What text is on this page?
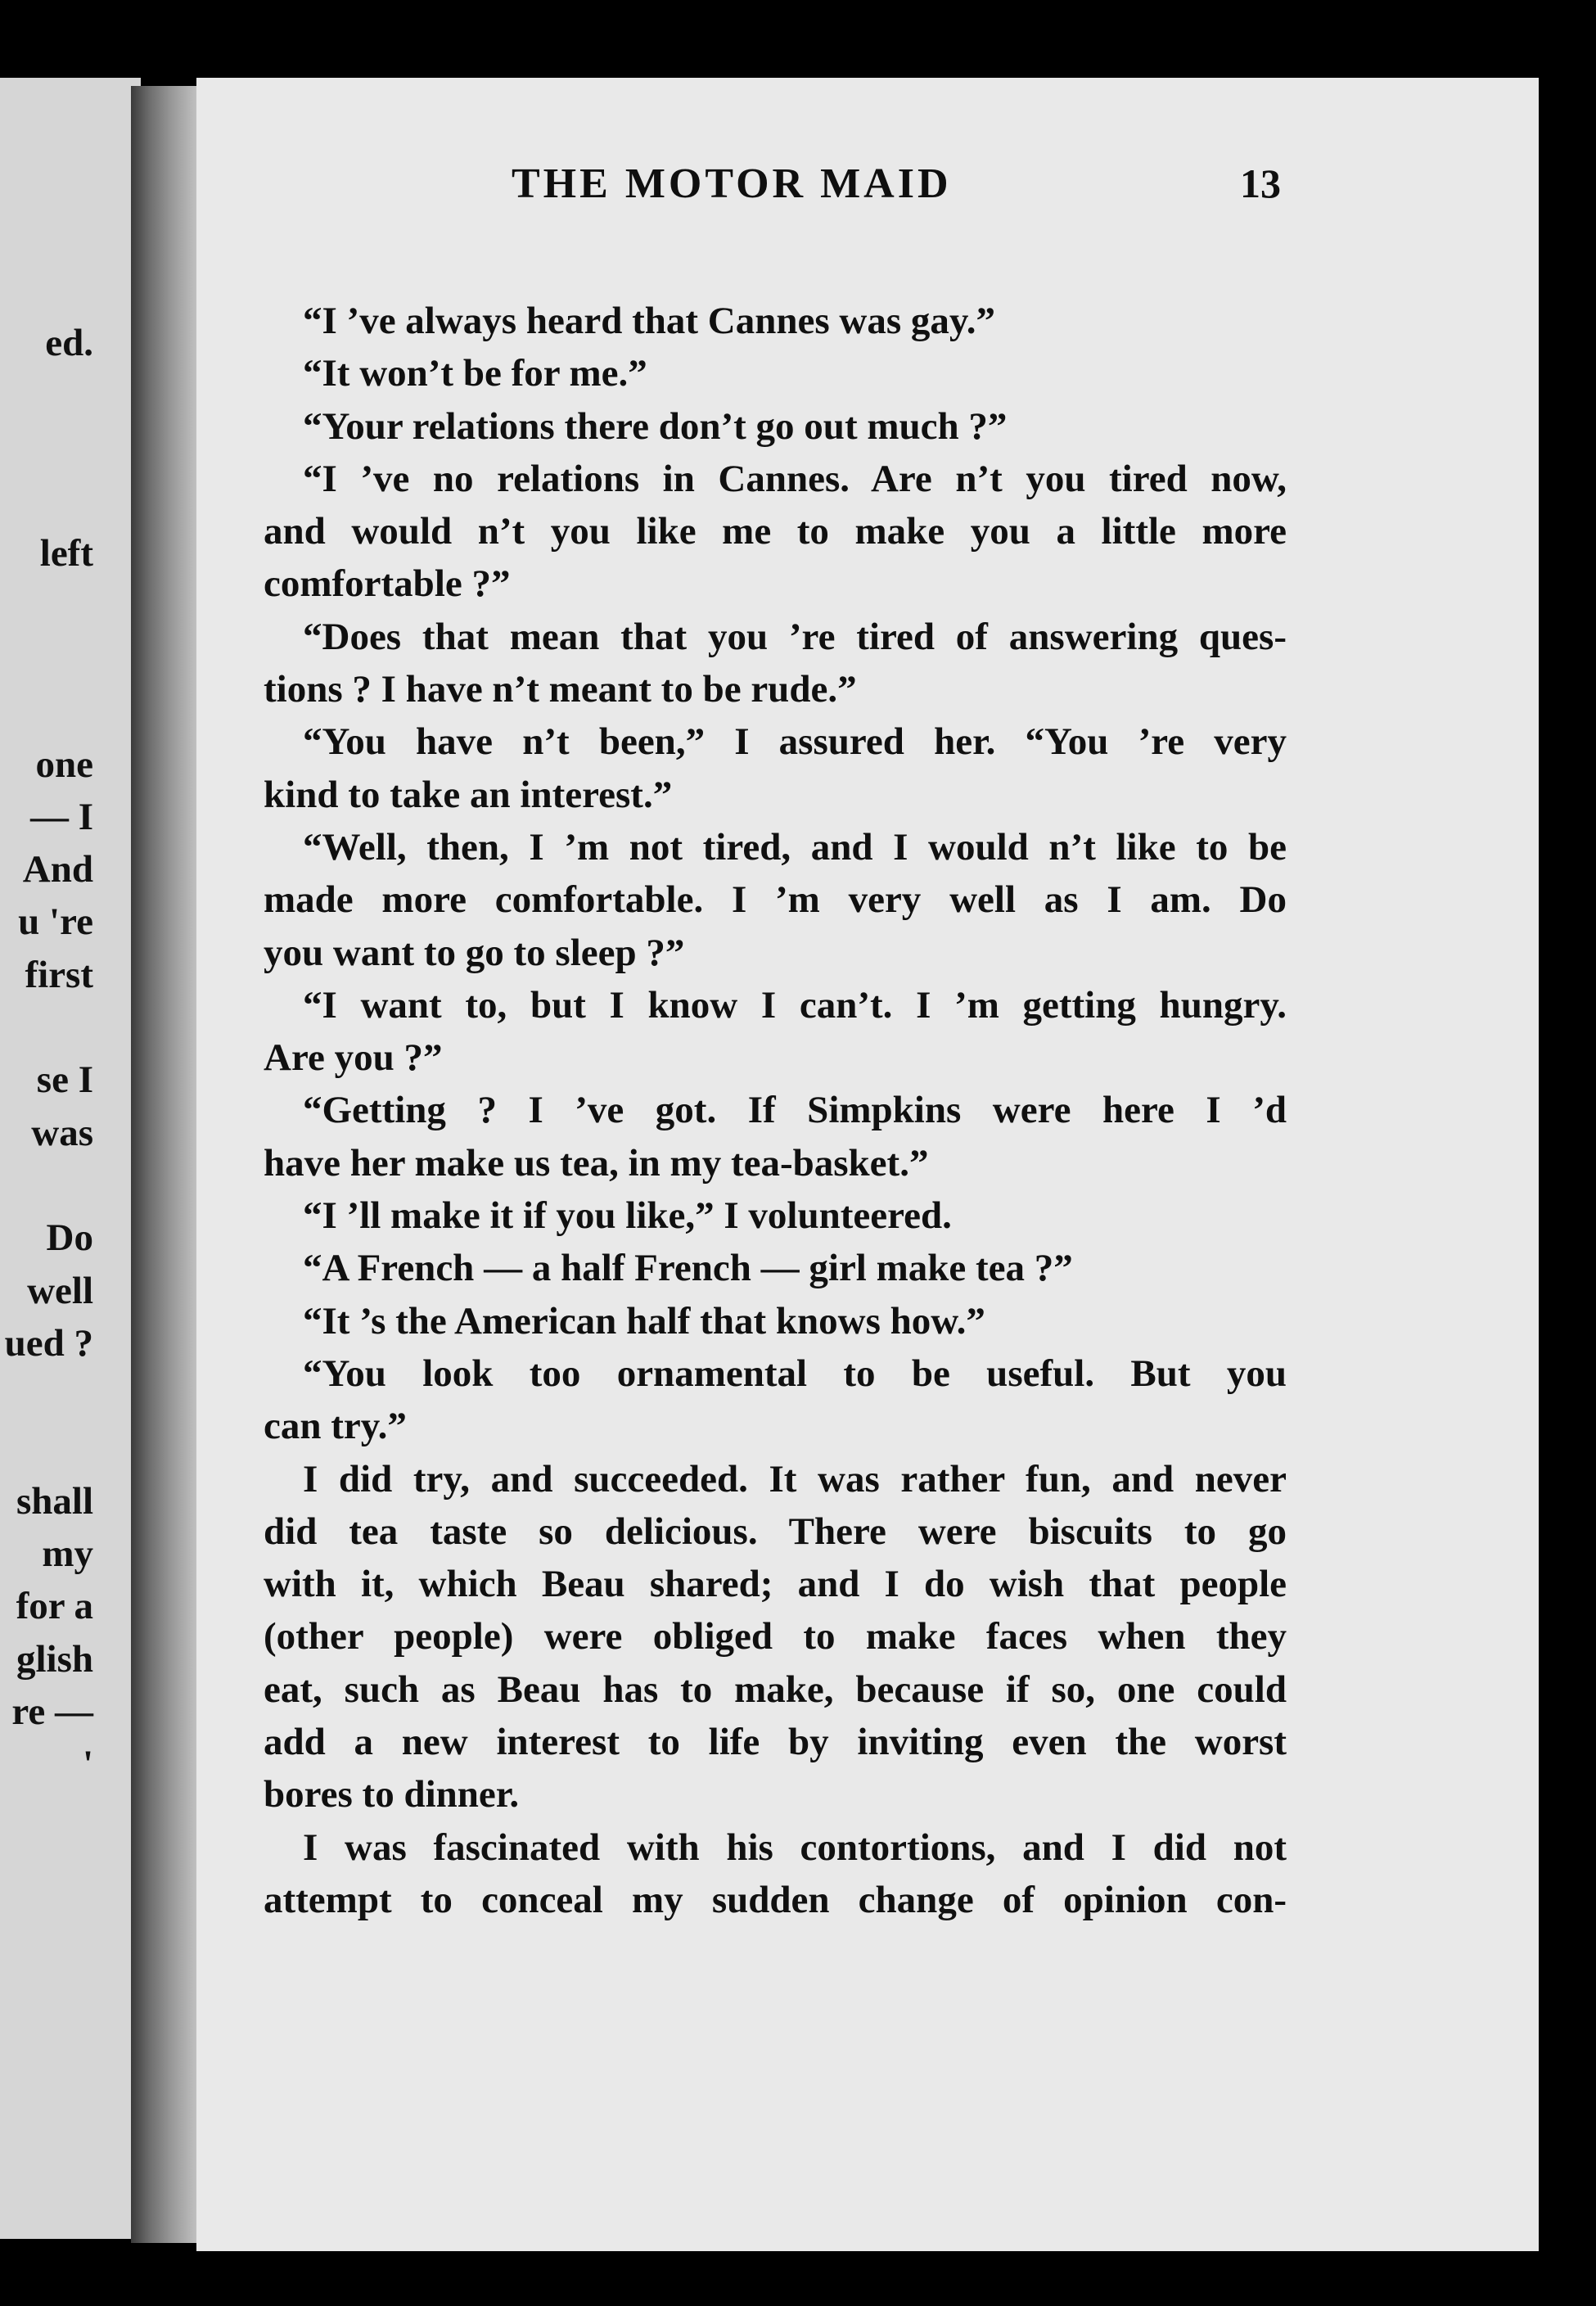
ed.
left
one
— I
And
u 're
first
se I
was
Do
well
ued ?
shall
my
for a
glish
re —
'
THE MOTOR MAID	13
“I ’ve always heard that Cannes was gay.”
“It won’t be for me.”
“Your relations there don’t go out much ?”
“I ’ve no relations in Cannes. Are n’t you tired now,
and would n’t you like me to make you a little more
comfortable ?”
“Does that mean that you ’re tired of answering ques-
tions ? I have n’t meant to be rude.”
“You have n’t been,” I assured her. “You ’re very
kind to take an interest.”
“Well, then, I ’m not tired, and I would n’t like to be
made more comfortable. I ’m very well as I am. Do
you want to go to sleep ?”
“I want to, but I know I can’t. I ’m getting hungry.
Are you ?”
“Getting ? I ’ve got. If Simpkins were here I ’d
have her make us tea, in my tea-basket.”
“I ’ll make it if you like,” I volunteered.
“A French — a half French — girl make tea ?”
“It ’s the American half that knows how.”
“You look too ornamental to be useful. But you
can try.”
I did try, and succeeded. It was rather fun, and never
did tea taste so delicious. There were biscuits to go
with it, which Beau shared; and I do wish that people
(other people) were obliged to make faces when they
eat, such as Beau has to make, because if so, one could
add a new interest to life by inviting even the worst
bores to dinner.
I was fascinated with his contortions, and I did not
attempt to conceal my sudden change of opinion con-
